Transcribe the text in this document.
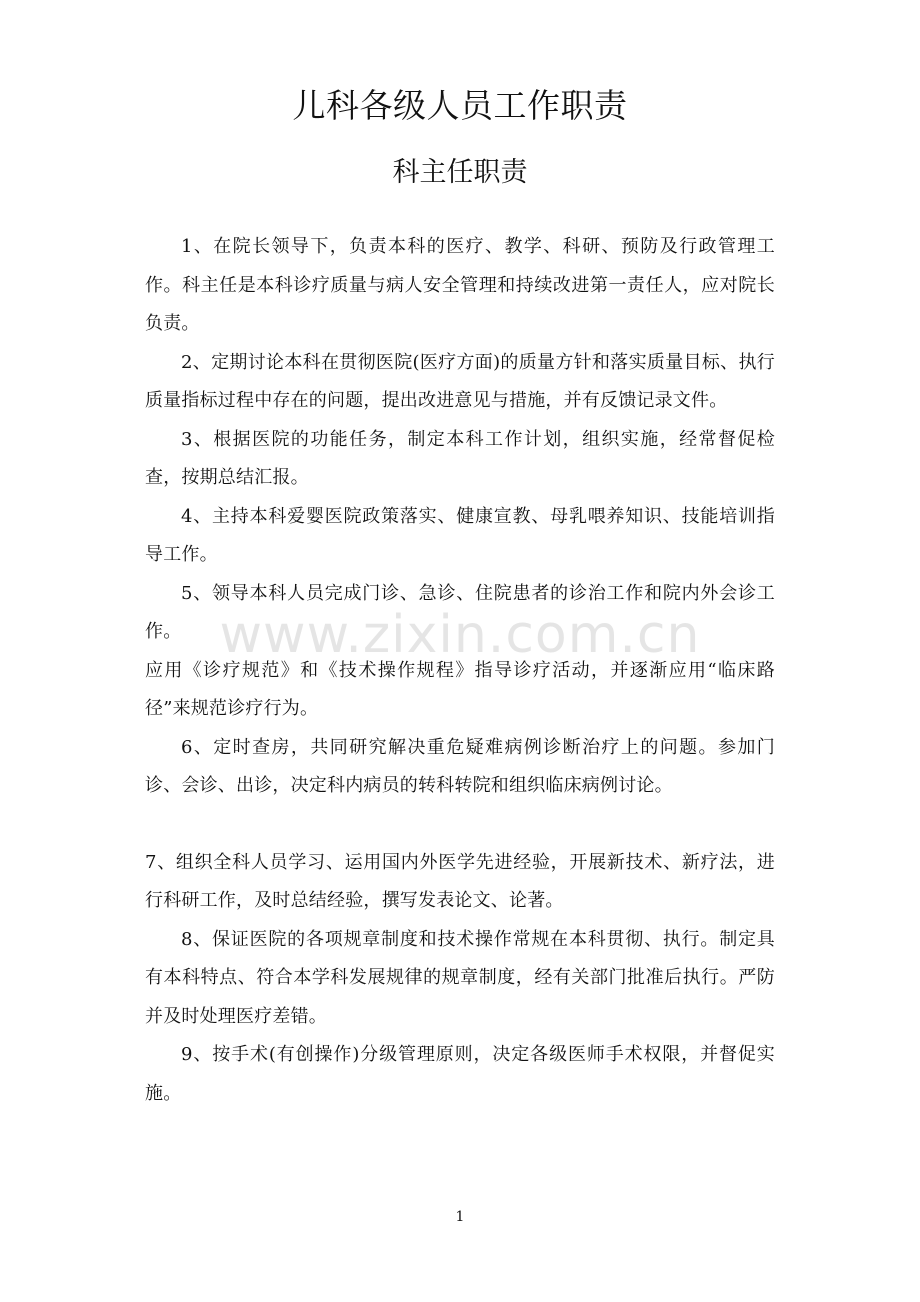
儿科各级人员工作职责
科主任职责

1、在院长领导下，负责本科的医疗、教学、科研、预防及行政管理工作。科主任是本科诊疗质量与病人安全管理和持续改进第一责任人，应对院长负责。

2、定期讨论本科在贯彻医院(医疗方面)的质量方针和落实质量目标、执行质量指标过程中存在的问题，提出改进意见与措施，并有反馈记录文件。

3、根据医院的功能任务，制定本科工作计划，组织实施，经常督促检查，按期总结汇报。

4、主持本科爱婴医院政策落实、健康宣教、母乳喂养知识、技能培训指导工作。

5、领导本科人员完成门诊、急诊、住院患者的诊治工作和院内外会诊工作。

应用《诊疗规范》和《技术操作规程》指导诊疗活动，并逐渐应用“临床路径”来规范诊疗行为。

6、定时查房，共同研究解决重危疑难病例诊断治疗上的问题。参加门诊、会诊、出诊，决定科内病员的转科转院和组织临床病例讨论。

7、组织全科人员学习、运用国内外医学先进经验，开展新技术、新疗法，进行科研工作，及时总结经验，撰写发表论文、论著。

8、保证医院的各项规章制度和技术操作常规在本科贯彻、执行。制定具有本科特点、符合本学科发展规律的规章制度，经有关部门批准后执行。严防并及时处理医疗差错。

9、按手术(有创操作)分级管理原则，决定各级医师手术权限，并督促实施。

www.zixin.com.cn
1
